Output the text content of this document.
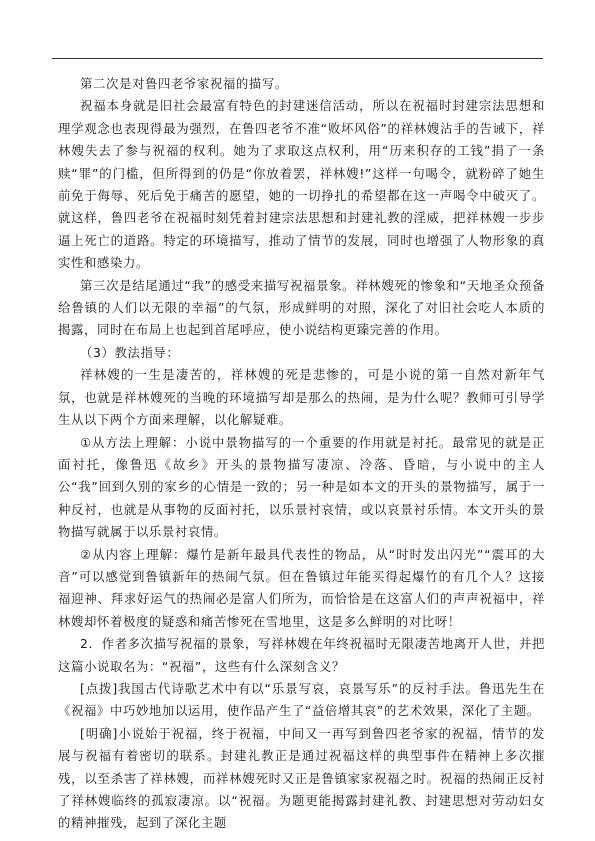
第二次是对鲁四老爷家祝福的描写。

祝福本身就是旧社会最富有特色的封建迷信活动，所以在祝福时封建宗法思想和理学观念也表现得最为强烈，在鲁四老爷不准“败坏风俗”的祥林嫂沾手的告诫下，祥林嫂失去了参与祝福的权利。她为了求取这点权利，用“历来积存的工钱”捐了一条赎“罪”的门槛，但所得到的仍是“你放着罢，祥林嫂!”这样一句喝令，就粉碎了她生前免于侮辱、死后免于痛苦的愿望，她的一切挣扎的希望都在这一声喝令中破灭了。就这样，鲁四老爷在祝福时刻凭着封建宗法思想和封建礼教的淫威，把祥林嫂一步步逼上死亡的道路。特定的环境描写，推动了情节的发展，同时也增强了人物形象的真实性和感染力。

第三次是结尾通过“我”的感受来描写祝福景象。祥林嫂死的惨象和“天地圣众预备给鲁镇的人们以无限的幸福”的气氛，形成鲜明的对照，深化了对旧社会吃人本质的揭露，同时在布局上也起到首尾呼应，使小说结构更臻完善的作用。

（3）教法指导：

祥林嫂的一生是凄苦的，祥林嫂的死是悲惨的，可是小说的第一自然对新年气氛，也就是祥林嫂死的当晚的环境描写却是那么的热闹，是为什么呢？教师可引导学生从以下两个方面来理解，以化解疑难。

①从方法上理解：小说中景物描写的一个重要的作用就是衬托。最常见的就是正面衬托，像鲁迅《故乡》开头的景物描写凄凉、冷落、昏暗，与小说中的主人公“我”回到久别的家乡的心情是一致的；另一种是如本文的开头的景物描写，属于一种反衬，也就是从事物的反面衬托，以乐景衬哀情，或以哀景衬乐情。本文开头的景物描写就属于以乐景衬哀情。

②从内容上理解：爆竹是新年最具代表性的物品，从“时时发出闪光”“震耳的大音”可以感觉到鲁镇新年的热闹气氛。但在鲁镇过年能买得起爆竹的有几个人？这接福迎神、拜求好运气的热闹必是富人们所为，而恰恰是在这富人们的声声祝福中，祥林嫂却怀着极度的疑惑和痛苦惨死在雪地里，这是多么鲜明的对比呀！

2．作者多次描写祝福的景象，写祥林嫂在年终祝福时无限凄苦地离开人世，并把这篇小说取名为：“祝福”，这些有什么深刻含义？

[点拨]我国古代诗歌艺术中有以“乐景写哀，哀景写乐”的反衬手法。鲁迅先生在《祝福》中巧妙地加以运用，使作品产生了“益倍增其哀”的艺术效果，深化了主题。

[明确]小说始于祝福，终于祝福，中间又一再写到鲁四老爷家的祝福，情节的发展与祝福有着密切的联系。封建礼教正是通过祝福这样的典型事件在精神上多次摧残，以至杀害了祥林嫂，而祥林嫂死时又正是鲁镇家家祝福之时。祝福的热闹正反衬了祥林嫂临终的孤寂凄凉。以“祝福。为题更能揭露封建礼教、封建思想对劳动妇女的精神摧残，起到了深化主题
